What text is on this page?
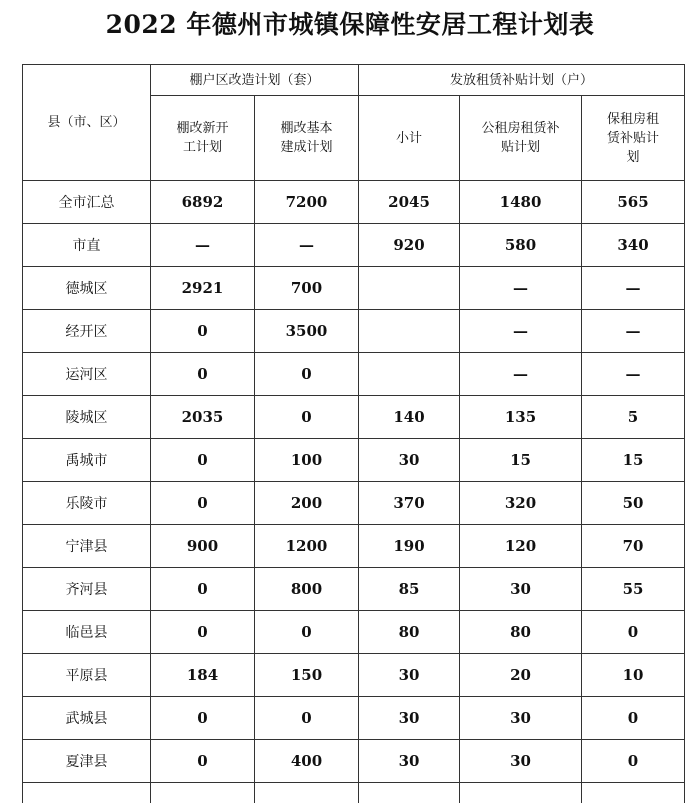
2022 年德州市城镇保障性安居工程计划表
县（市、区）	棚户区改造计划（套）		发放租赁补贴计划（户）		

	棚改新开工计划	棚改基本建成计划	小计	公租房租赁补贴计划	保租房租赁补贴计划

全市汇总	6892	7200	2045	1480	565
市直	—	—	920	580	340
德城区	2921	700		—	—
经开区	0	3500		—	—
运河区	0	0		—	—
陵城区	2035	0	140	135	5
禹城市	0	100	30	15	15
乐陵市	0	200	370	320	50
宁津县	900	1200	190	120	70
齐河县	0	800	85	30	55
临邑县	0	0	80	80	0
平原县	184	150	30	20	10
武城县	0	0	30	30	0
夏津县	0	400	30	30	0
